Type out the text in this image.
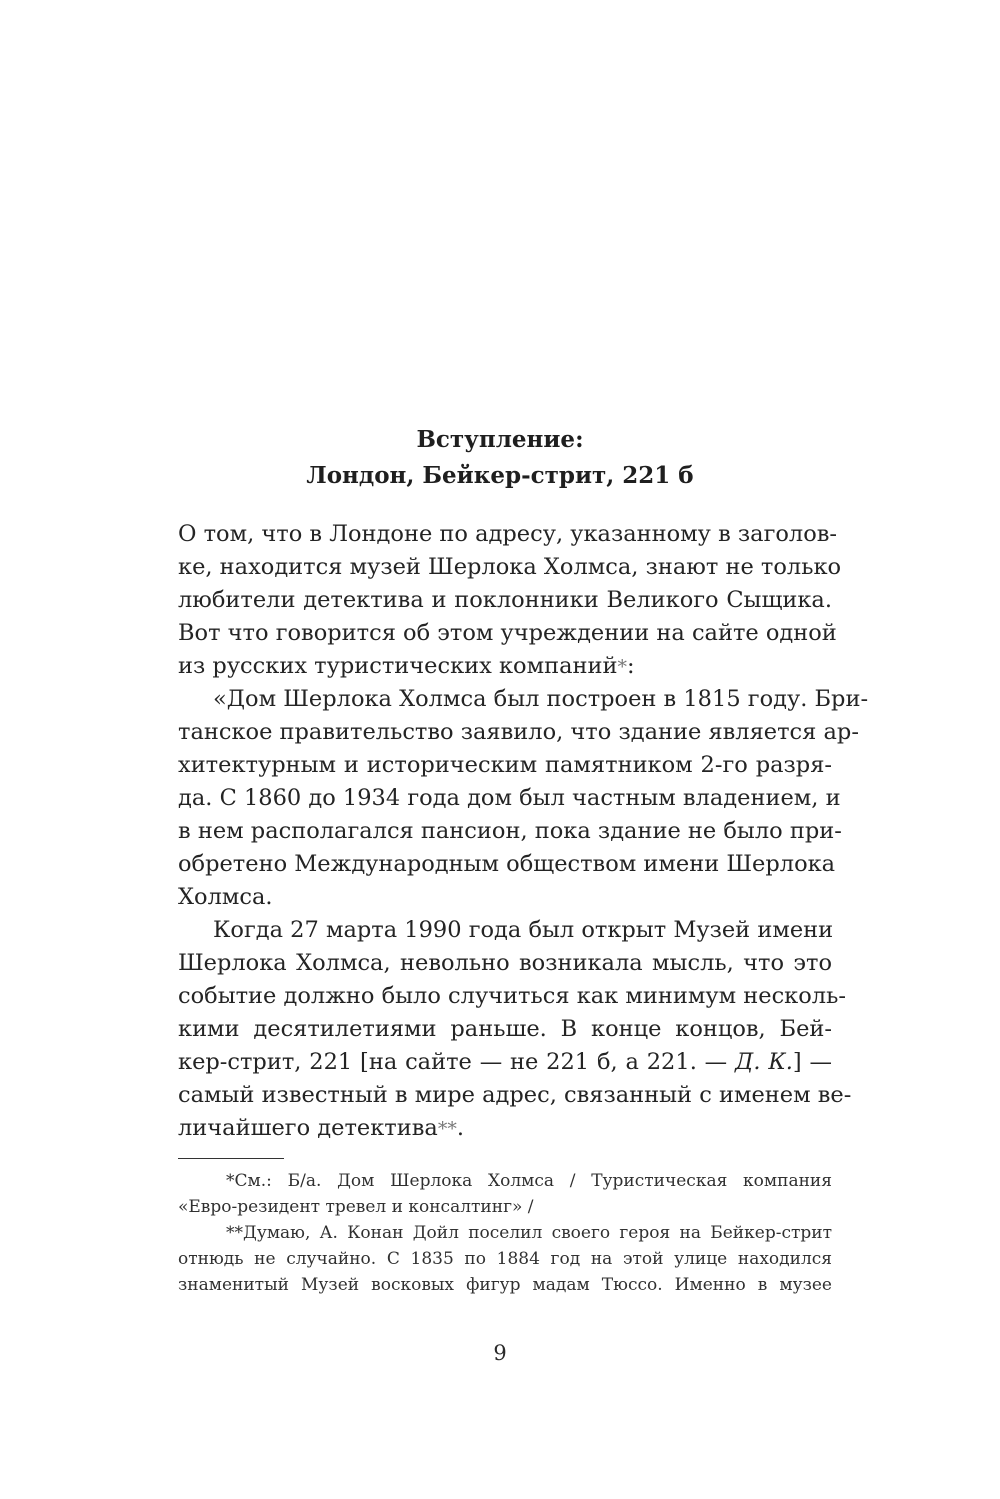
Вступление:
Лондон, Бейкер-стрит, 221 б
О том, что в Лондоне по адресу, указанному в заголов-
ке, находится музей Шерлока Холмса, знают не только
любители детектива и поклонники Великого Сыщика.
Вот что говорится об этом учреждении на сайте одной
из русских туристических компаний*:
«Дом Шерлока Холмса был построен в 1815 году. Бри-
танское правительство заявило, что здание является ар-
хитектурным и историческим памятником 2-го разря-
да. С 1860 до 1934 года дом был частным владением, и
в нем располагался пансион, пока здание не было при-
обретено Международным обществом имени Шерлока
Холмса.
Когда 27 марта 1990 года был открыт Музей имени
Шерлока Холмса, невольно возникала мысль, что это
событие должно было случиться как минимум несколь-
кими десятилетиями раньше. В конце концов, Бей-
кер-стрит, 221 [на сайте — не 221 б, а 221. — Д. К.] —
самый известный в мире адрес, связанный с именем ве-
личайшего детектива**.
*См.: Б/а. Дом Шерлока Холмса / Туристическая компания
«Евро-резидент тревел и консалтинг» /
**Думаю, А. Конан Дойл поселил своего героя на Бейкер-стрит
отнюдь не случайно. С 1835 по 1884 год на этой улице находился
знаменитый Музей восковых фигур мадам Тюссо. Именно в музее
9
